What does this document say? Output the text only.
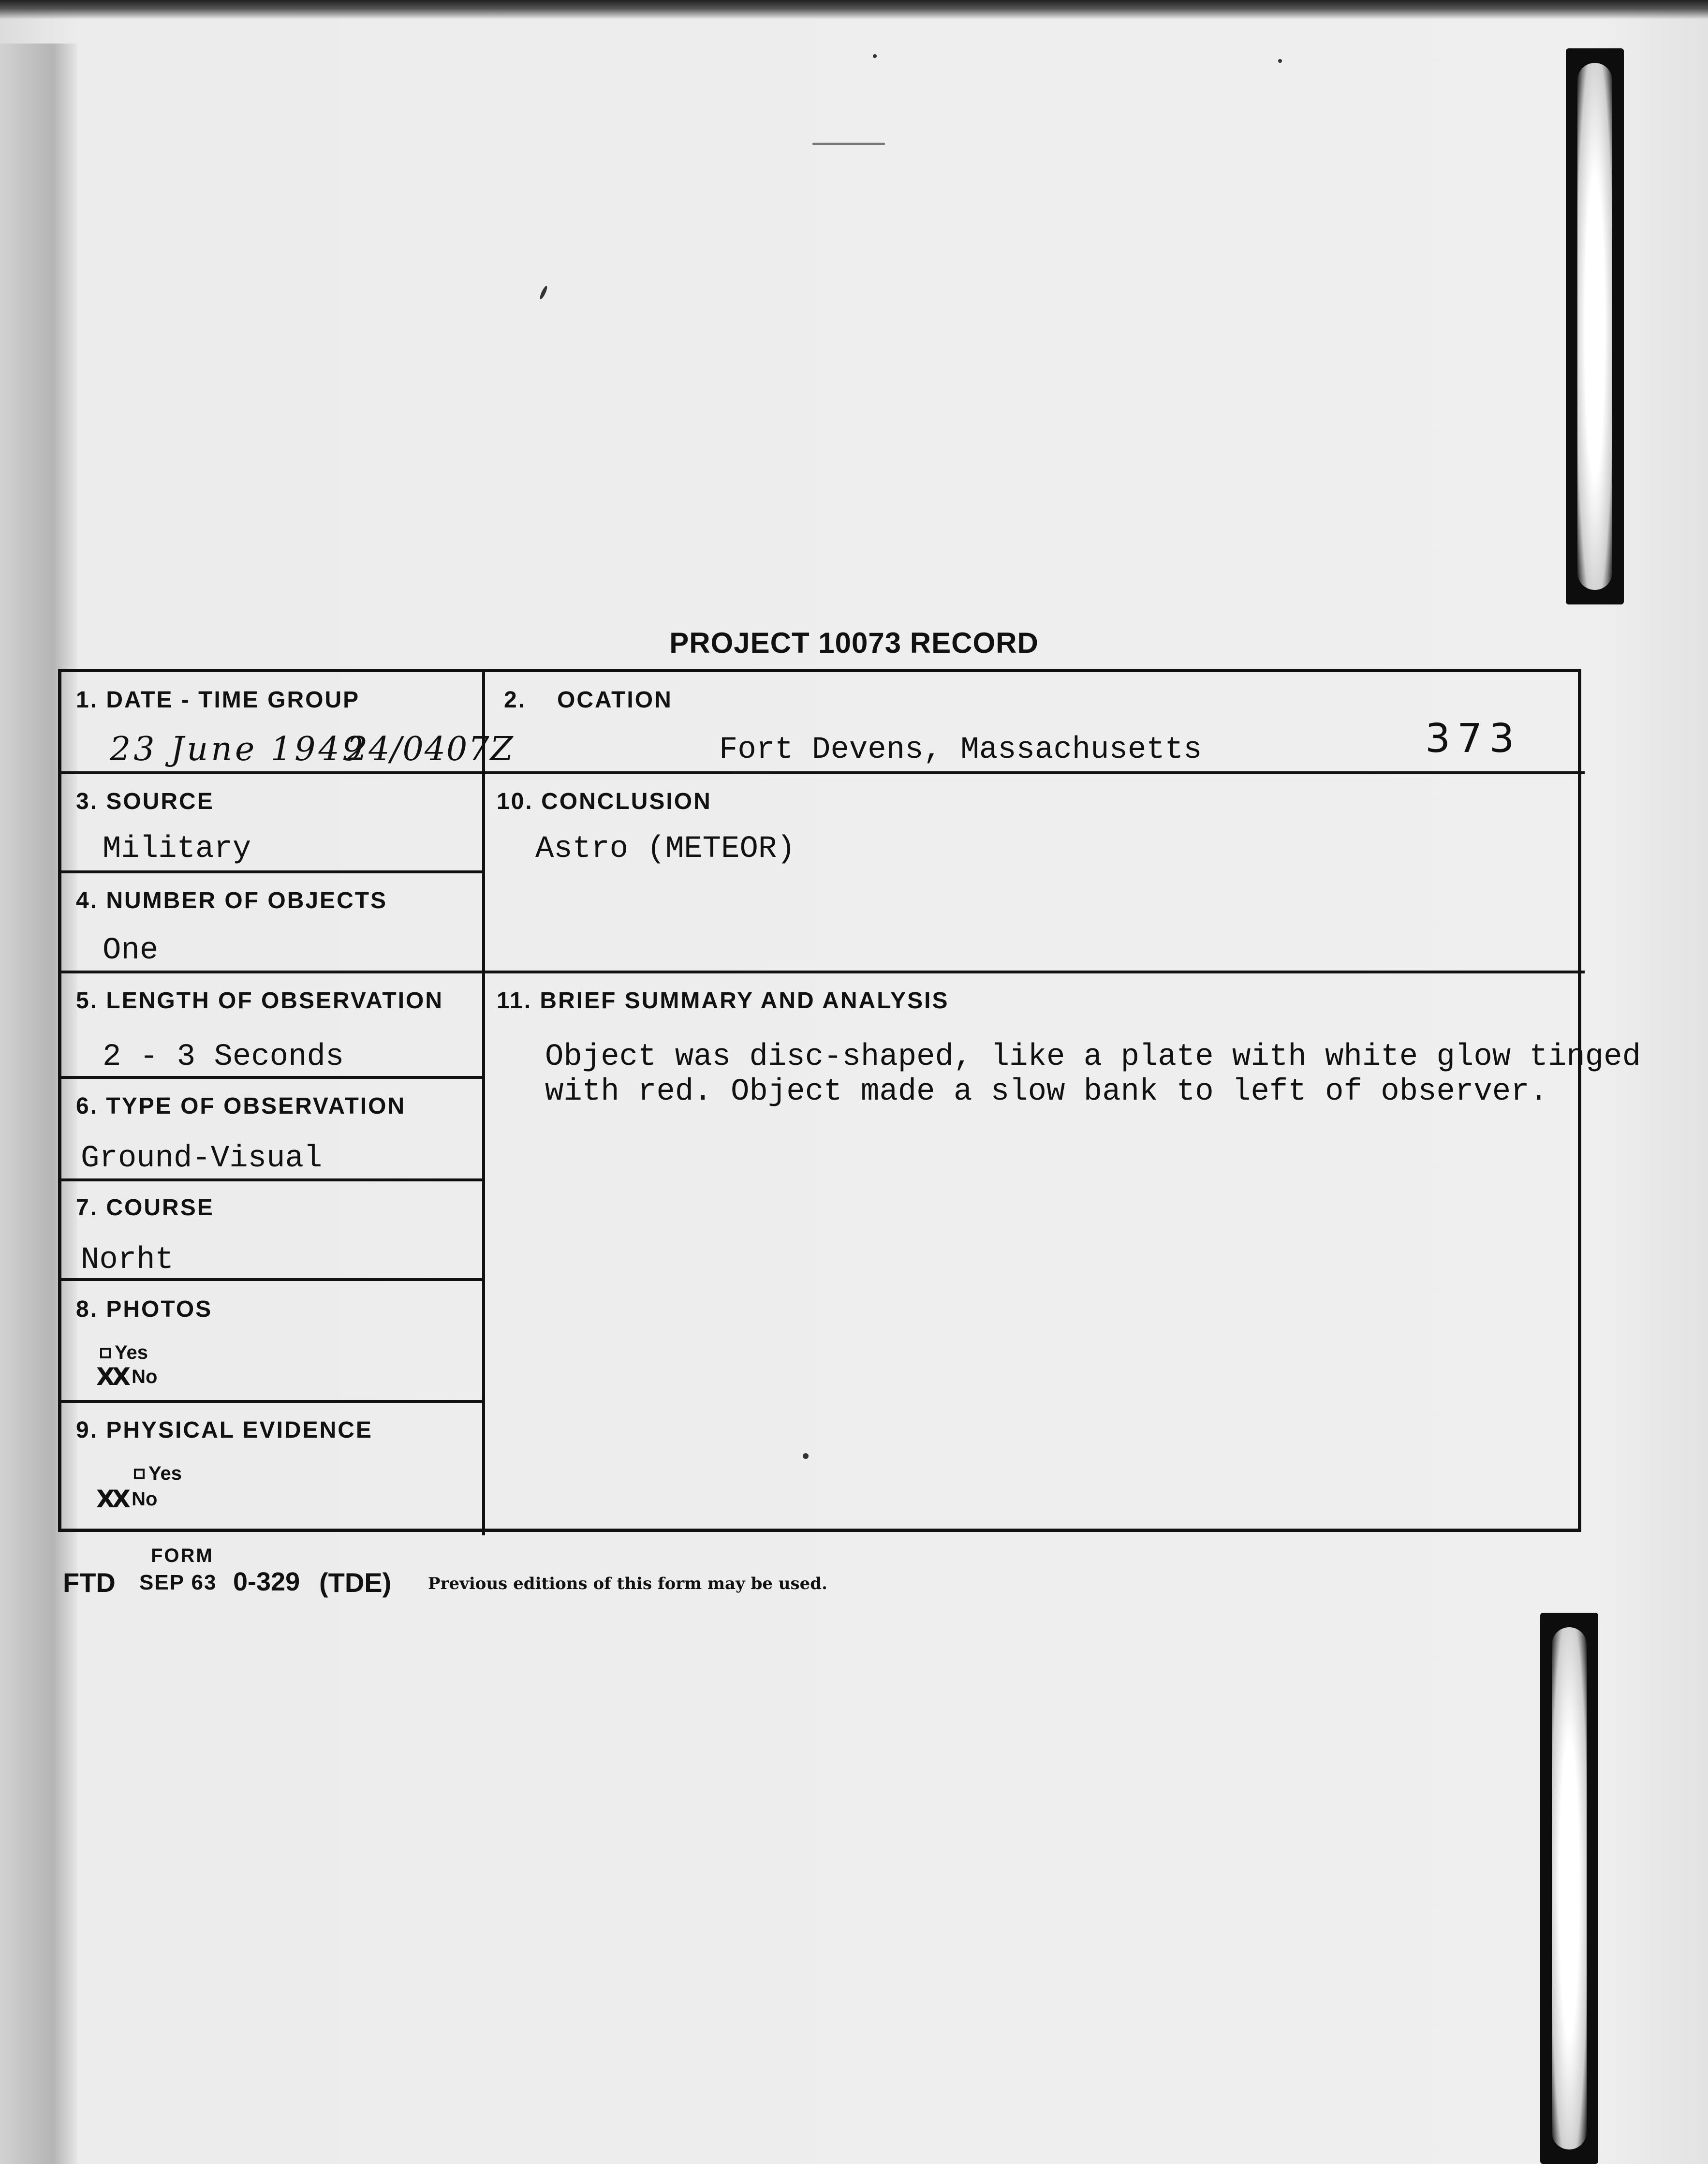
PROJECT 10073 RECORD
1. DATE - TIME GROUP
23 June 1949
24/0407Z
2. OCATION
Fort Devens, Massachusetts	373
3. SOURCE
Military
10. CONCLUSION
Astro (METEOR)
4. NUMBER OF OBJECTS
One
5. LENGTH OF OBSERVATION
2 - 3 Seconds
11. BRIEF SUMMARY AND ANALYSIS
Object was disc-shaped, like a plate with white glow tinged
with red. Object made a slow bank to left of observer.
6. TYPE OF OBSERVATION
Ground-Visual
7. COURSE
Norht
8. PHOTOS
Yes
XX No
9. PHYSICAL EVIDENCE
Yes
XX No
FORM
FTD SEP 63 0-329 (TDE) Previous editions of this form may be used.
